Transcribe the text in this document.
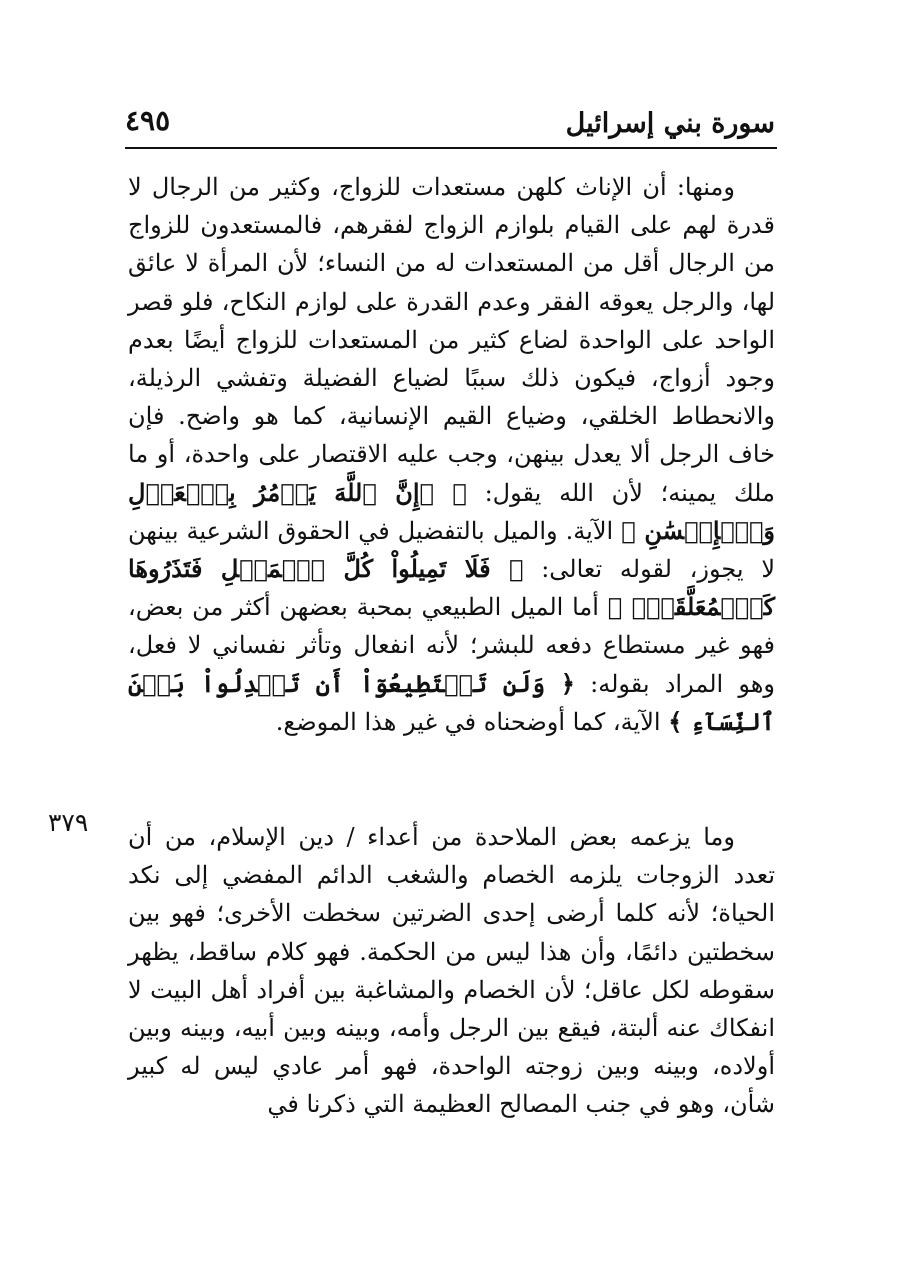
سورة بني إسرائيل
٤٩٥

ومنها: أن الإناث كلهن مستعدات للزواج، وكثير من الرجال لا قدرة لهم على القيام بلوازم الزواج لفقرهم، فالمستعدون للزواج من الرجال أقل من المستعدات له من النساء؛ لأن المرأة لا عائق لها، والرجل يعوقه الفقر وعدم القدرة على لوازم النكاح، فلو قصر الواحد على الواحدة لضاع كثير من المستعدات للزواج أيضًا بعدم وجود أزواج، فيكون ذلك سببًا لضياع الفضيلة وتفشي الرذيلة، والانحطاط الخلقي، وضياع القيم الإنسانية، كما هو واضح. فإن خاف الرجل ألا يعدل بينهن، وجب عليه الاقتصار على واحدة، أو ما ملك يمينه؛ لأن الله يقول: ﴿ ۞إِنَّ ٱللَّهَ يَأۡمُرُ بِٱلۡعَدۡلِ وَٱلۡإِحۡسَٰنِ ﴾ الآية. والميل بالتفضيل في الحقوق الشرعية بينهن لا يجوز، لقوله تعالى: ﴿ فَلَا تَمِيلُواْ كُلَّ ٱلۡمَيۡلِ فَتَذَرُوهَا كَٱلۡمُعَلَّقَةِۚ ﴾ أما الميل الطبيعي بمحبة بعضهن أكثر من بعض، فهو غير مستطاع دفعه للبشر؛ لأنه انفعال وتأثر نفساني لا فعل، وهو المراد بقوله: ﴿ وَلَن تَسۡتَطِيعُوٓاْ أَن تَعۡدِلُواْ بَيۡنَ ٱلنِّسَآءِ ﴾ الآية، كما أوضحناه في غير هذا الموضع.

٣٧٩ وما يزعمه بعض الملاحدة من أعداء / دين الإسلام، من أن تعدد الزوجات يلزمه الخصام والشغب الدائم المفضي إلى نكد الحياة؛ لأنه كلما أرضى إحدى الضرتين سخطت الأخرى؛ فهو بين سخطتين دائمًا، وأن هذا ليس من الحكمة. فهو كلام ساقط، يظهر سقوطه لكل عاقل؛ لأن الخصام والمشاغبة بين أفراد أهل البيت لا انفكاك عنه ألبتة، فيقع بين الرجل وأمه، وبينه وبين أبيه، وبينه وبين أولاده، وبينه وبين زوجته الواحدة، فهو أمر عادي ليس له كبير شأن، وهو في جنب المصالح العظيمة التي ذكرنا في
